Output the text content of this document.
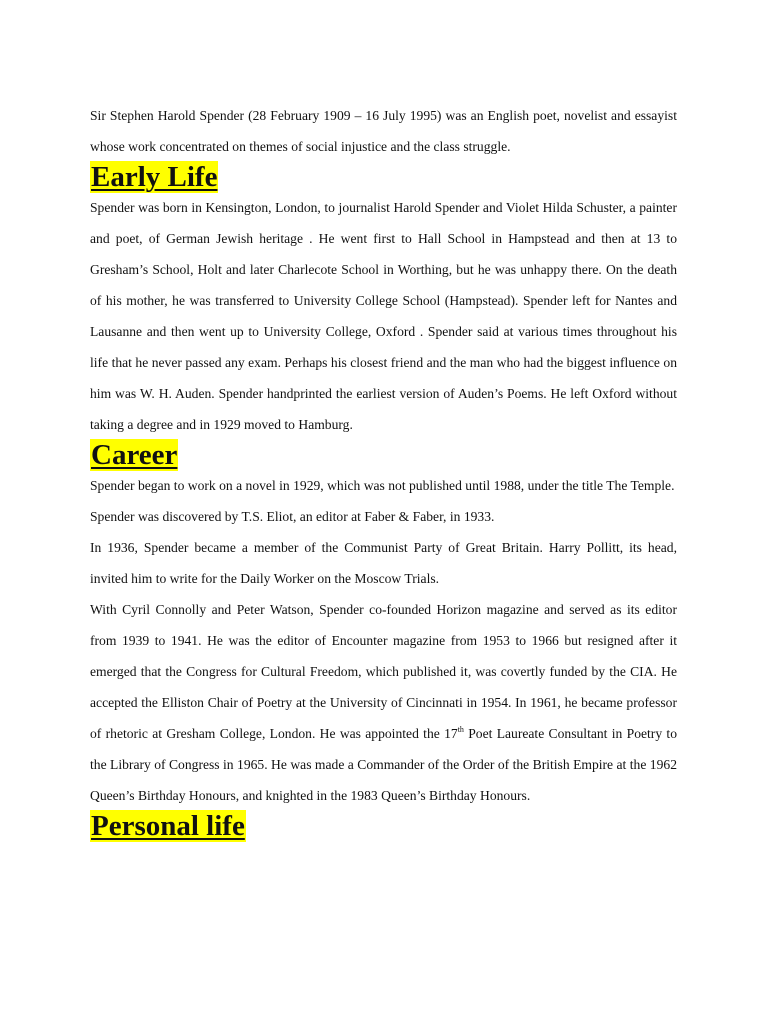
Sir Stephen Harold Spender (28 February 1909 – 16 July 1995) was an English poet, novelist and essayist whose work concentrated on themes of social injustice and the class struggle.

Early Life

Spender was born in Kensington, London, to journalist Harold Spender and Violet Hilda Schuster, a painter and poet, of German Jewish heritage . He went first to Hall School in Hampstead and then at 13 to Gresham’s School, Holt and later Charlecote School in Worthing, but he was unhappy there. On the death of his mother, he was transferred to University College School (Hampstead). Spender left for Nantes and Lausanne and then went up to University College, Oxford . Spender said at various times throughout his life that he never passed any exam. Perhaps his closest friend and the man who had the biggest influence on him was W. H. Auden. Spender handprinted the earliest version of Auden’s Poems. He left Oxford without taking a degree and in 1929 moved to Hamburg.

Career

Spender began to work on a novel in 1929, which was not published until 1988, under the title The Temple.

Spender was discovered by T.S. Eliot, an editor at Faber & Faber, in 1933.

In 1936, Spender became a member of the Communist Party of Great Britain. Harry Pollitt, its head, invited him to write for the Daily Worker on the Moscow Trials.

With Cyril Connolly and Peter Watson, Spender co-founded Horizon magazine and served as its editor from 1939 to 1941. He was the editor of Encounter magazine from 1953 to 1966 but resigned after it emerged that the Congress for Cultural Freedom, which published it, was covertly funded by the CIA. He accepted the Elliston Chair of Poetry at the University of Cincinnati in 1954. In 1961, he became professor of rhetoric at Gresham College, London. He was appointed the 17th Poet Laureate Consultant in Poetry to the Library of Congress in 1965. He was made a Commander of the Order of the British Empire at the 1962 Queen’s Birthday Honours, and knighted in the 1983 Queen’s Birthday Honours.

Personal life
